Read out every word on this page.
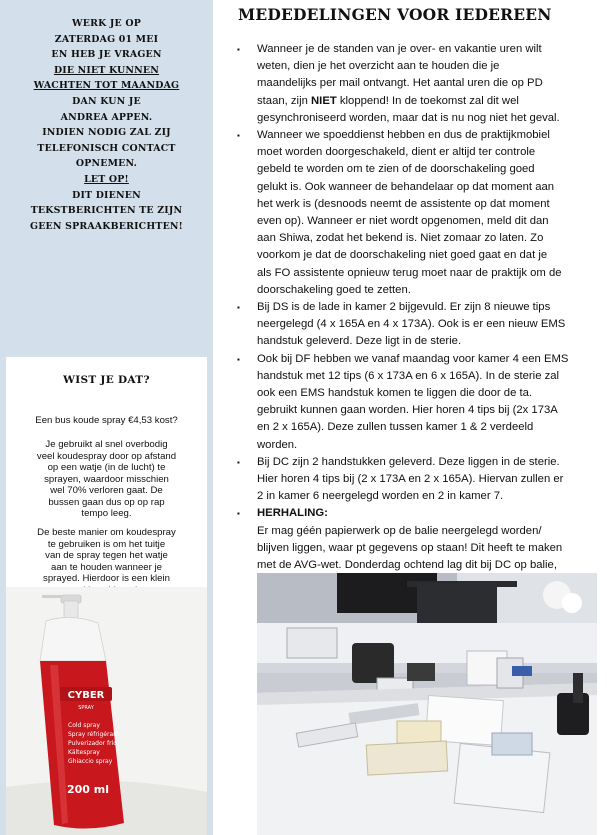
WERK JE OP
ZATERDAG 01 MEI
EN HEB JE VRAGEN
DIE NIET KUNNEN
WACHTEN TOT MAANDAG
DAN KUN JE
ANDREA APPEN.
INDIEN NODIG ZAL ZIJ
TELEFONISCH CONTACT
OPNEMEN.
LET OP!
DIT DIENEN
TEKSTBERICHTEN TE ZIJN
GEEN SPRAAKBERICHTEN!
WIST JE DAT?
Een bus koude spray €4,53 kost?
Je gebruikt al snel overbodig
veel koudespray door op afstand
op een watje (in de lucht) te
sprayen, waardoor misschien
wel 70% verloren gaat. De
bussen gaan dus op op rap
tempo leeg.
De beste manier om koudespray
te gebruiken is om het tuitje
van de spray tegen het watje
aan te houden wanneer je
sprayed. Hierdoor is een klein
CYBER
SPRAY
Cold spray
Spray réfrigérant
Pulverizador frío
Kältespray
Ghiaccio spray
200 ml
MEDEDELINGEN VOOR IEDEREEN
▪ Wanneer je de standen van je over- en vakantie uren wilt
weten, dien je het overzicht aan te houden die je
maandelijks per mail ontvangt. Het aantal uren die op PD
staan, zijn NIET kloppend! In de toekomst zal dit wel
gesynchroniseerd worden, maar dat is nu nog niet het geval.
▪ Wanneer we spoeddienst hebben en dus de praktijkmobiel
moet worden doorgeschakeld, dient er altijd ter controle
gebeld te worden om te zien of de doorschakeling goed
gelukt is. Ook wanneer de behandelaar op dat moment aan
het werk is (desnoods neemt de assistente op dat moment
even op). Wanneer er niet wordt opgenomen, meld dit dan
aan Shiwa, zodat het bekend is. Niet zomaar zo laten. Zo
voorkom je dat de doorschakeling niet goed gaat en dat je
als FO assistente opnieuw terug moet naar de praktijk om de
doorschakeling goed te zetten.
▪ Bij DS is de lade in kamer 2 bijgevuld. Er zijn 8 nieuwe tips
neergelegd (4 x 165A en 4 x 173A). Ook is er een nieuw EMS
handstuk geleverd. Deze ligt in de sterie.
▪ Ook bij DF hebben we vanaf maandag voor kamer 4 een EMS
handstuk met 12 tips (6 x 173A en 6 x 165A). In de sterie zal
ook een EMS handstuk komen te liggen die door de ta.
gebruikt kunnen gaan worden. Hier horen 4 tips bij (2x 173A
en 2 x 165A). Deze zullen tussen kamer 1 & 2 verdeeld
worden.
▪ Bij DC zijn 2 handstukken geleverd. Deze liggen in de sterie.
Hier horen 4 tips bij (2 x 173A en 2 x 165A). Hiervan zullen er
2 in kamer 6 neergelegd worden en 2 in kamer 7.
▪ HERHALING:
Er mag géén papierwerk op de balie neergelegd worden/
blijven liggen, waar pt gegevens op staan! Dit heeft te maken
met de AVG-wet. Donderdag ochtend lag dit bij DC op balie,
